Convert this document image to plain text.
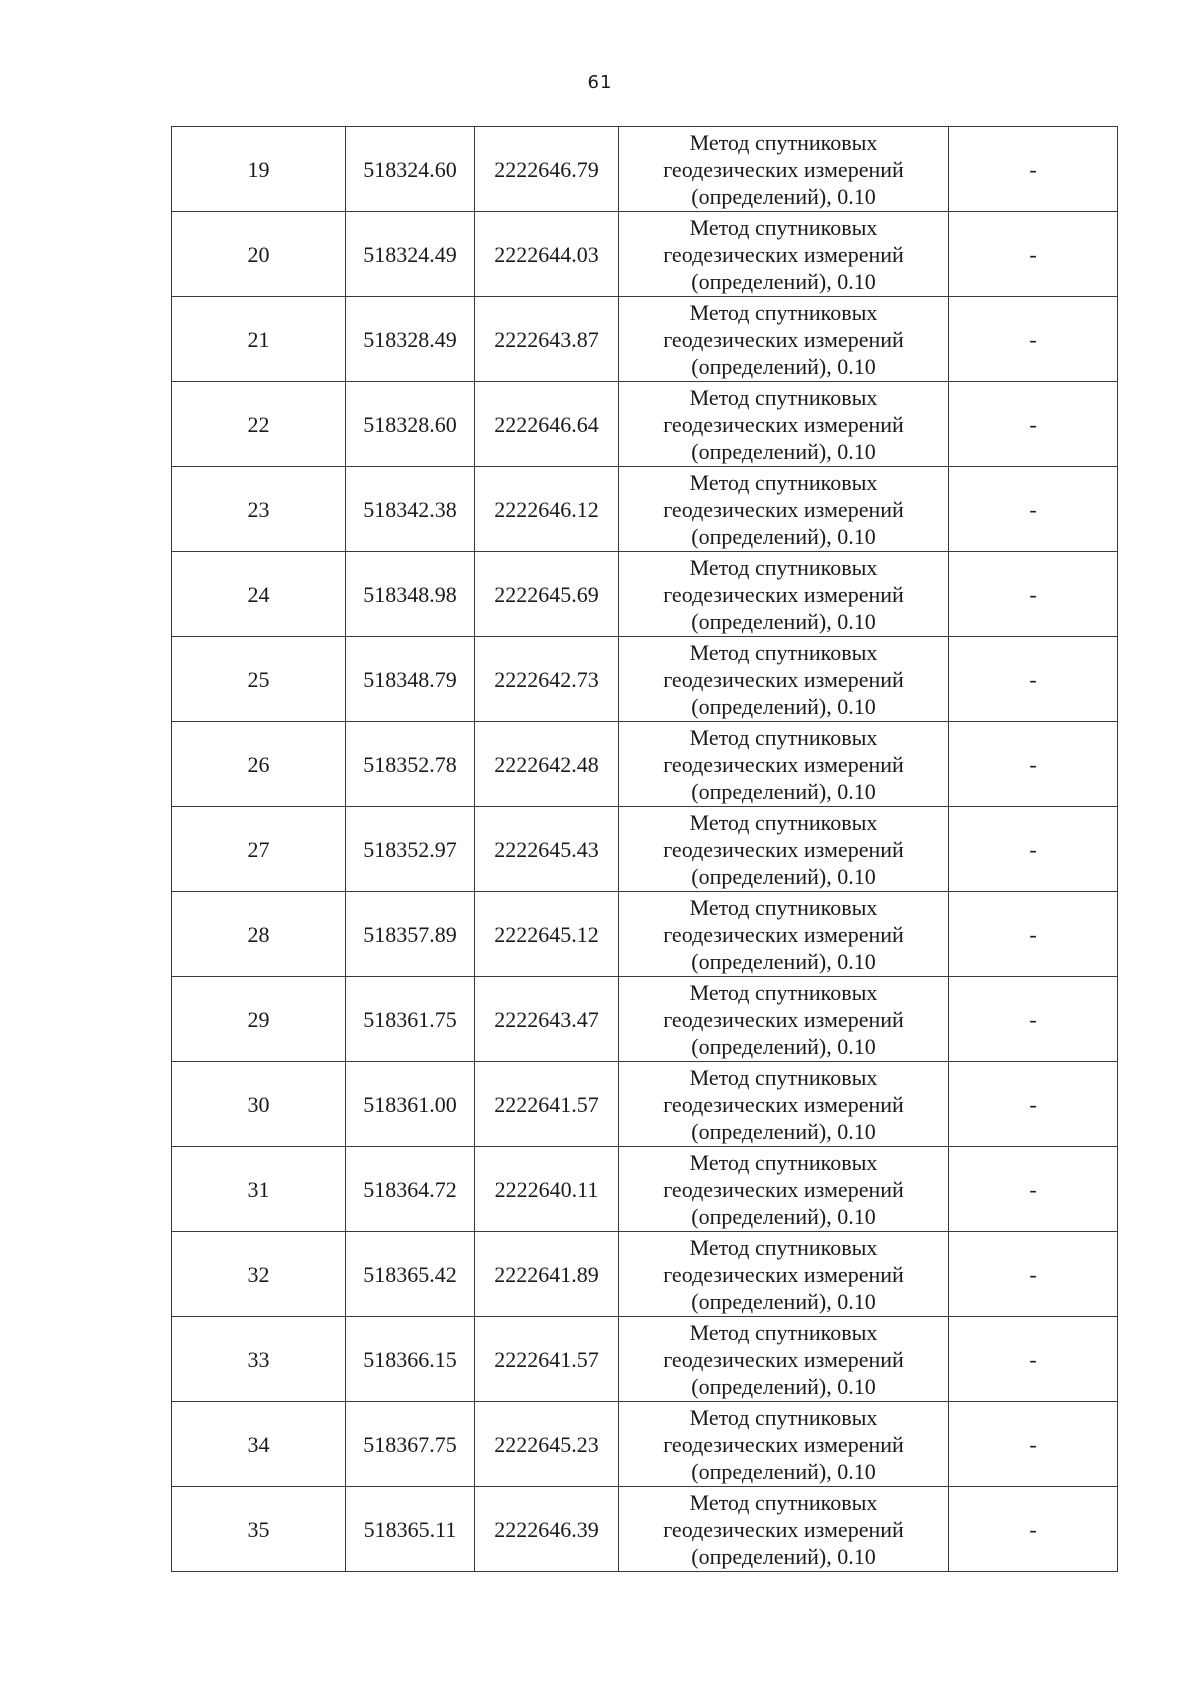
61
19	518324.60	2222646.79	Метод спутниковых
геодезических измерений
(определений), 0.10	-
20	518324.49	2222644.03	Метод спутниковых
геодезических измерений
(определений), 0.10	-
21	518328.49	2222643.87	Метод спутниковых
геодезических измерений
(определений), 0.10	-
22	518328.60	2222646.64	Метод спутниковых
геодезических измерений
(определений), 0.10	-
23	518342.38	2222646.12	Метод спутниковых
геодезических измерений
(определений), 0.10	-
24	518348.98	2222645.69	Метод спутниковых
геодезических измерений
(определений), 0.10	-
25	518348.79	2222642.73	Метод спутниковых
геодезических измерений
(определений), 0.10	-
26	518352.78	2222642.48	Метод спутниковых
геодезических измерений
(определений), 0.10	-
27	518352.97	2222645.43	Метод спутниковых
геодезических измерений
(определений), 0.10	-
28	518357.89	2222645.12	Метод спутниковых
геодезических измерений
(определений), 0.10	-
29	518361.75	2222643.47	Метод спутниковых
геодезических измерений
(определений), 0.10	-
30	518361.00	2222641.57	Метод спутниковых
геодезических измерений
(определений), 0.10	-
31	518364.72	2222640.11	Метод спутниковых
геодезических измерений
(определений), 0.10	-
32	518365.42	2222641.89	Метод спутниковых
геодезических измерений
(определений), 0.10	-
33	518366.15	2222641.57	Метод спутниковых
геодезических измерений
(определений), 0.10	-
34	518367.75	2222645.23	Метод спутниковых
геодезических измерений
(определений), 0.10	-
35	518365.11	2222646.39	Метод спутниковых
геодезических измерений
(определений), 0.10	-
